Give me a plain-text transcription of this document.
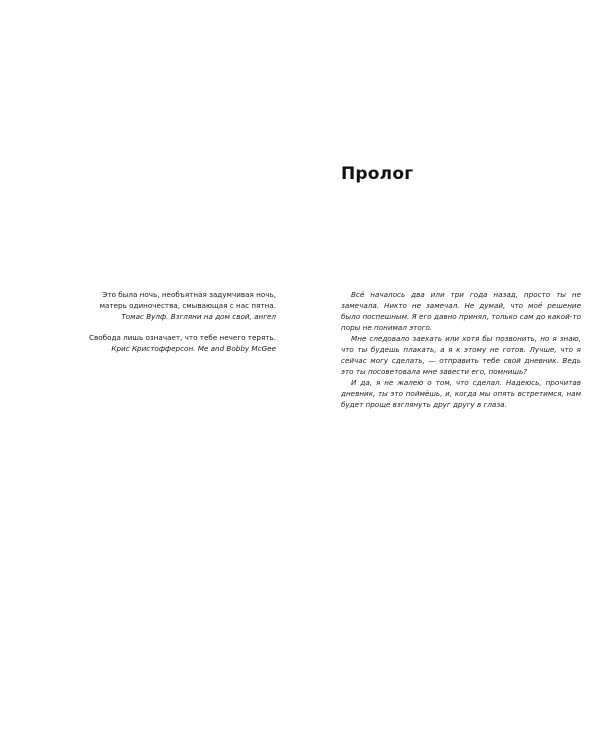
Это была ночь, необъятная задумчивая ночь,
матерь одиночества, смывающая с нас пятна.
Томас Вулф. Взгляни на дом свой, ангел
Свобода лишь означает, что тебе нечего терять.
Крис Кристофферсон. Me and Bobby McGee
Пролог

Всё началось два или три года назад, просто ты не замечала. Никто не замечал. Не думай, что моё решение было поспешным. Я его давно принял, только сам до какой-то поры не понимал этого.

Мне следовало заехать или хотя бы позвонить, но я знаю, что ты будешь плакать, а я к этому не готов. Лучше, что я сейчас могу сделать, — отправить тебе свой дневник. Ведь это ты посоветовала мне завести его, помнишь?

И да, я не жалею о том, что сделал. Надеюсь, прочитав дневник, ты это поймёшь, и, когда мы опять встретимся, нам будет проще взглянуть друг другу в глаза.
